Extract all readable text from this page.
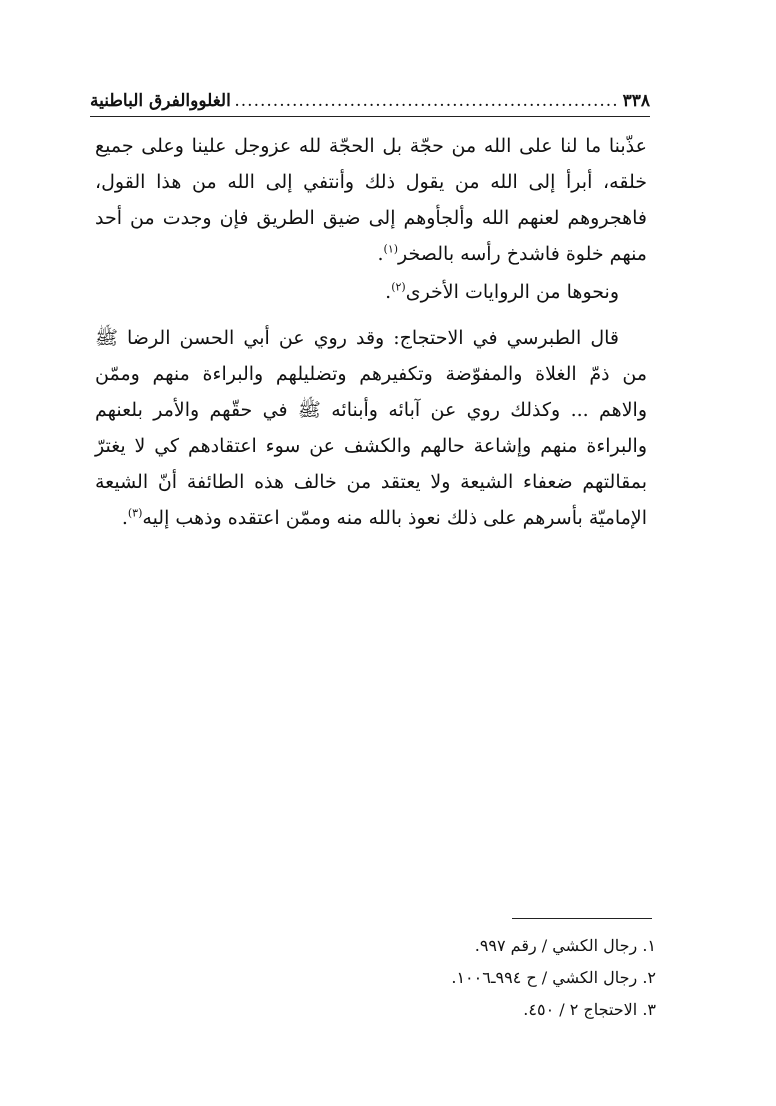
٣٣٨
.....
الغلووالفرق الباطنية

عذّبنا ما لنا على الله من حجّة بل الحجّة لله عزوجل علينا وعلى جميع خلقه، أبرأ إلى الله من يقول ذلك وأنتفي إلى الله من هذا القول، فاهجروهم لعنهم الله وألجأوهم إلى ضيق الطريق فإن وجدت من أحد منهم خلوة فاشدخ رأسه بالصخر$^{(١)}$.

ونحوها من الروايات الأخرى$^{(٢)}$.

قال الطبرسي في الاحتجاج: وقد روي عن أبي الحسن الرضا ﷺ من ذمّ الغلاة والمفوّضة وتكفيرهم وتضليلهم والبراءة منهم وممّن والاهم ... وكذلك روي عن آبائه وأبنائه ﷺ في حقّهم والأمر بلعنهم والبراءة منهم وإشاعة حالهم والكشف عن سوء اعتقادهم كي لا يغترّ بمقالتهم ضعفاء الشيعة ولا يعتقد من خالف هذه الطائفة أنّ الشيعة الإماميّة بأسرهم على ذلك نعوذ بالله منه وممّن اعتقده وذهب إليه$^{(٣)}$.

١. رجال الكشي / رقم ٩٩٧.
٢. رجال الكشي / ح ٩٩٤ـ١٠٠٦.
٣. الاحتجاج ٢ / ٤٥٠.
